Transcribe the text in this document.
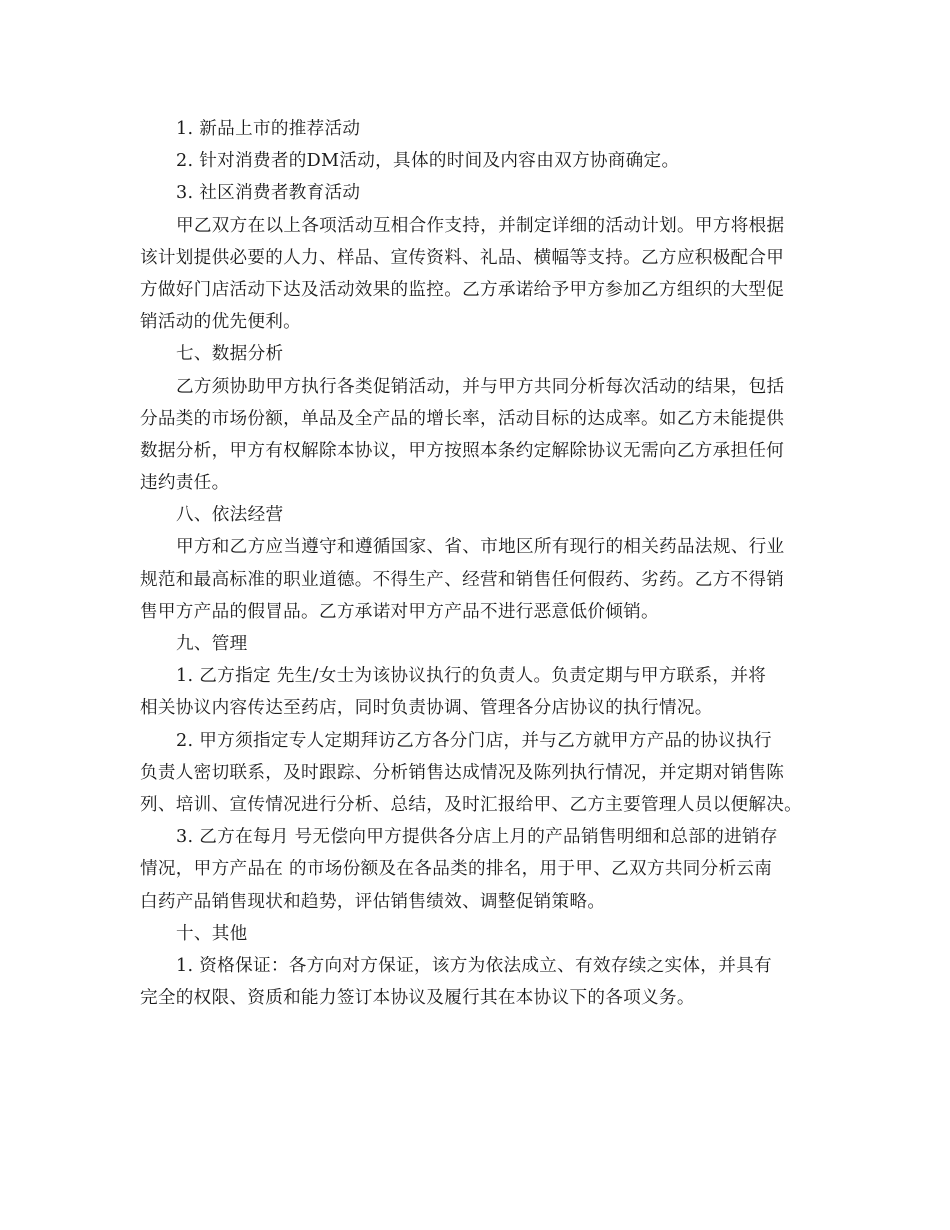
1. 新品上市的推荐活动
2. 针对消费者的DM活动，具体的时间及内容由双方协商确定。
3. 社区消费者教育活动
甲乙双方在以上各项活动互相合作支持，并制定详细的活动计划。甲方将根据
该计划提供必要的人力、样品、宣传资料、礼品、横幅等支持。乙方应积极配合甲
方做好门店活动下达及活动效果的监控。乙方承诺给予甲方参加乙方组织的大型促
销活动的优先便利。
七、数据分析
乙方须协助甲方执行各类促销活动，并与甲方共同分析每次活动的结果，包括
分品类的市场份额，单品及全产品的增长率，活动目标的达成率。如乙方未能提供
数据分析，甲方有权解除本协议，甲方按照本条约定解除协议无需向乙方承担任何
违约责任。
八、依法经营
甲方和乙方应当遵守和遵循国家、省、市地区所有现行的相关药品法规、行业
规范和最高标准的职业道德。不得生产、经营和销售任何假药、劣药。乙方不得销
售甲方产品的假冒品。乙方承诺对甲方产品不进行恶意低价倾销。
九、管理
1. 乙方指定 先生/女士为该协议执行的负责人。负责定期与甲方联系，并将
相关协议内容传达至药店，同时负责协调、管理各分店协议的执行情况。
2. 甲方须指定专人定期拜访乙方各分门店，并与乙方就甲方产品的协议执行
负责人密切联系，及时跟踪、分析销售达成情况及陈列执行情况，并定期对销售陈
列、培训、宣传情况进行分析、总结，及时汇报给甲、乙方主要管理人员以便解决。
3. 乙方在每月 号无偿向甲方提供各分店上月的产品销售明细和总部的进销存
情况，甲方产品在 的市场份额及在各品类的排名，用于甲、乙双方共同分析云南
白药产品销售现状和趋势，评估销售绩效、调整促销策略。
十、其他
1. 资格保证：各方向对方保证，该方为依法成立、有效存续之实体，并具有
完全的权限、资质和能力签订本协议及履行其在本协议下的各项义务。
